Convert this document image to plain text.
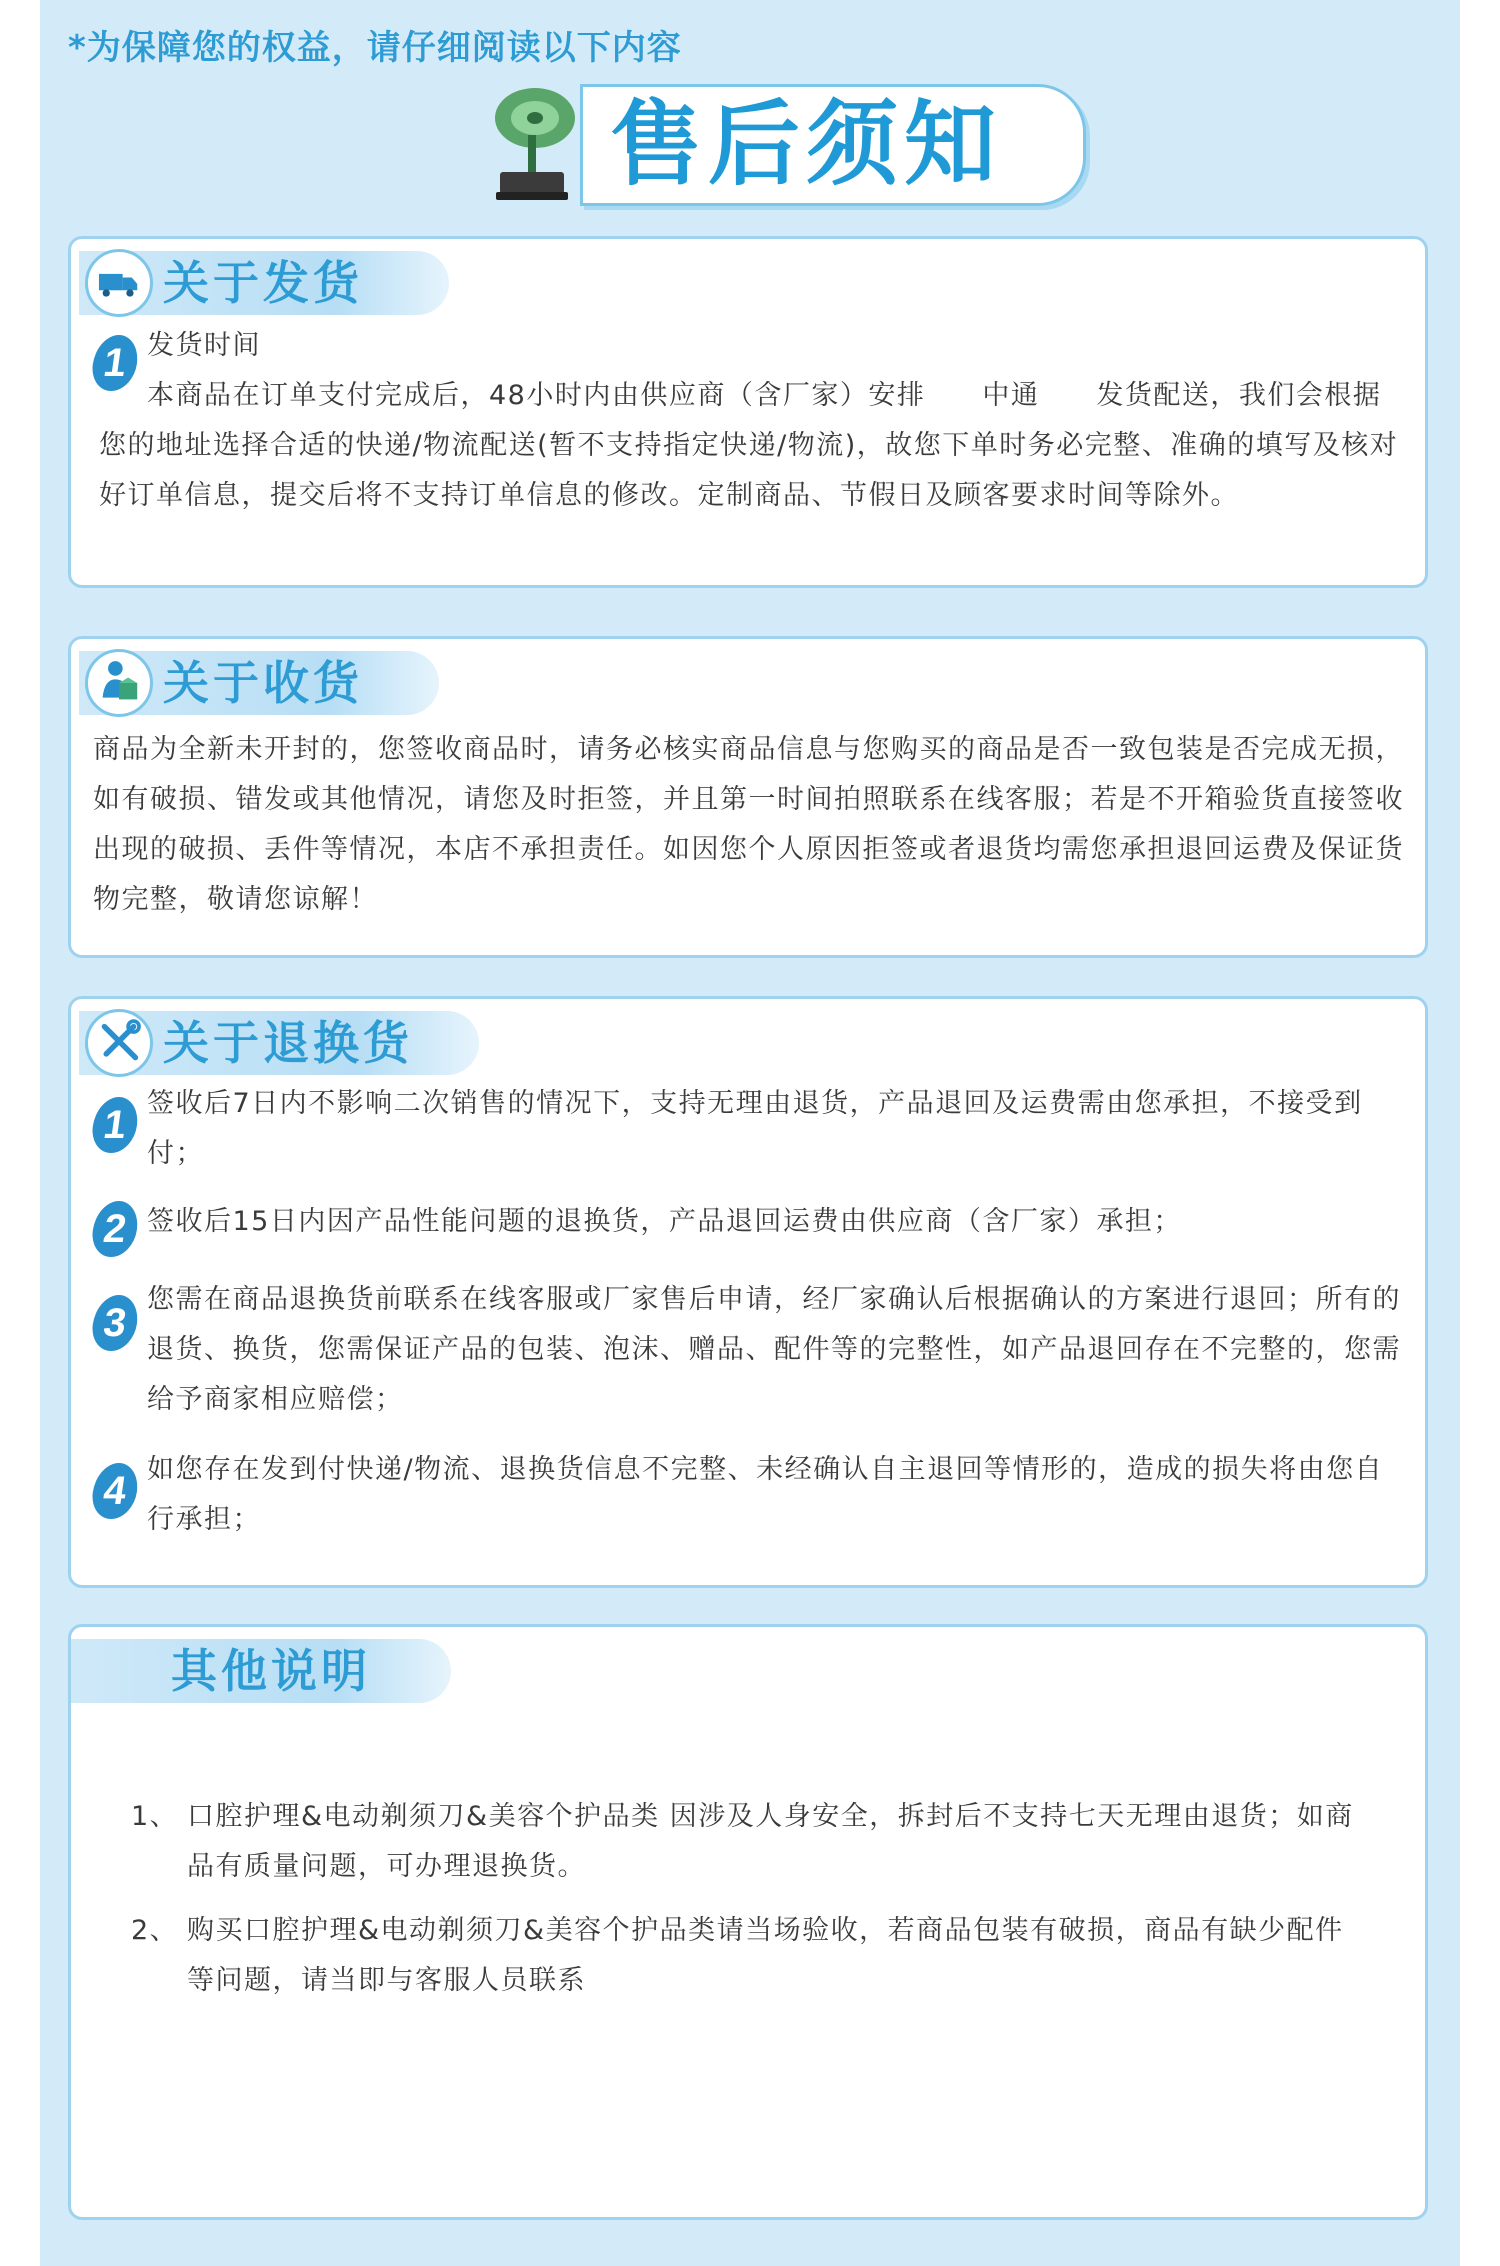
*为保障您的权益，请仔细阅读以下内容

售后须知
关于发货
1 发货时间

本商品在订单支付完成后，48小时内由供应商（含厂家）安排　　中通　　发货配送，我们会根据您的地址选择合适的快递/物流配送(暂不支持指定快递/物流)，故您下单时务必完整、准确的填写及核对好订单信息，提交后将不支持订单信息的修改。定制商品、节假日及顾客要求时间等除外。

关于收货

商品为全新未开封的，您签收商品时，请务必核实商品信息与您购买的商品是否一致包装是否完成无损，如有破损、错发或其他情况，请您及时拒签，并且第一时间拍照联系在线客服；若是不开箱验货直接签收出现的破损、丢件等情况，本店不承担责任。如因您个人原因拒签或者退货均需您承担退回运费及保证货物完整，敬请您谅解！

关于退换货
1 签收后7日内不影响二次销售的情况下，支持无理由退货，产品退回及运费需由您承担，不接受到付；

2 签收后15日内因产品性能问题的退换货，产品退回运费由供应商（含厂家）承担；

3

您需在商品退换货前联系在线客服或厂家售后申请，经厂家确认后根据确认的方案进行退回；所有的退货、换货，您需保证产品的包装、泡沫、赠品、配件等的完整性，如产品退回存在不完整的，您需给予商家相应赔偿；

4 如您存在发到付快递/物流、退换货信息不完整、未经确认自主退回等情形的，造成的损失将由您自行承担；

其他说明
1、 口腔护理&电动剃须刀&美容个护品类 因涉及人身安全，拆封后不支持七天无理由退货；如商品有质量问题，可办理退换货。
2、 购买口腔护理&电动剃须刀&美容个护品类请当场验收，若商品包装有破损，商品有缺少配件等问题，请当即与客服人员联系
